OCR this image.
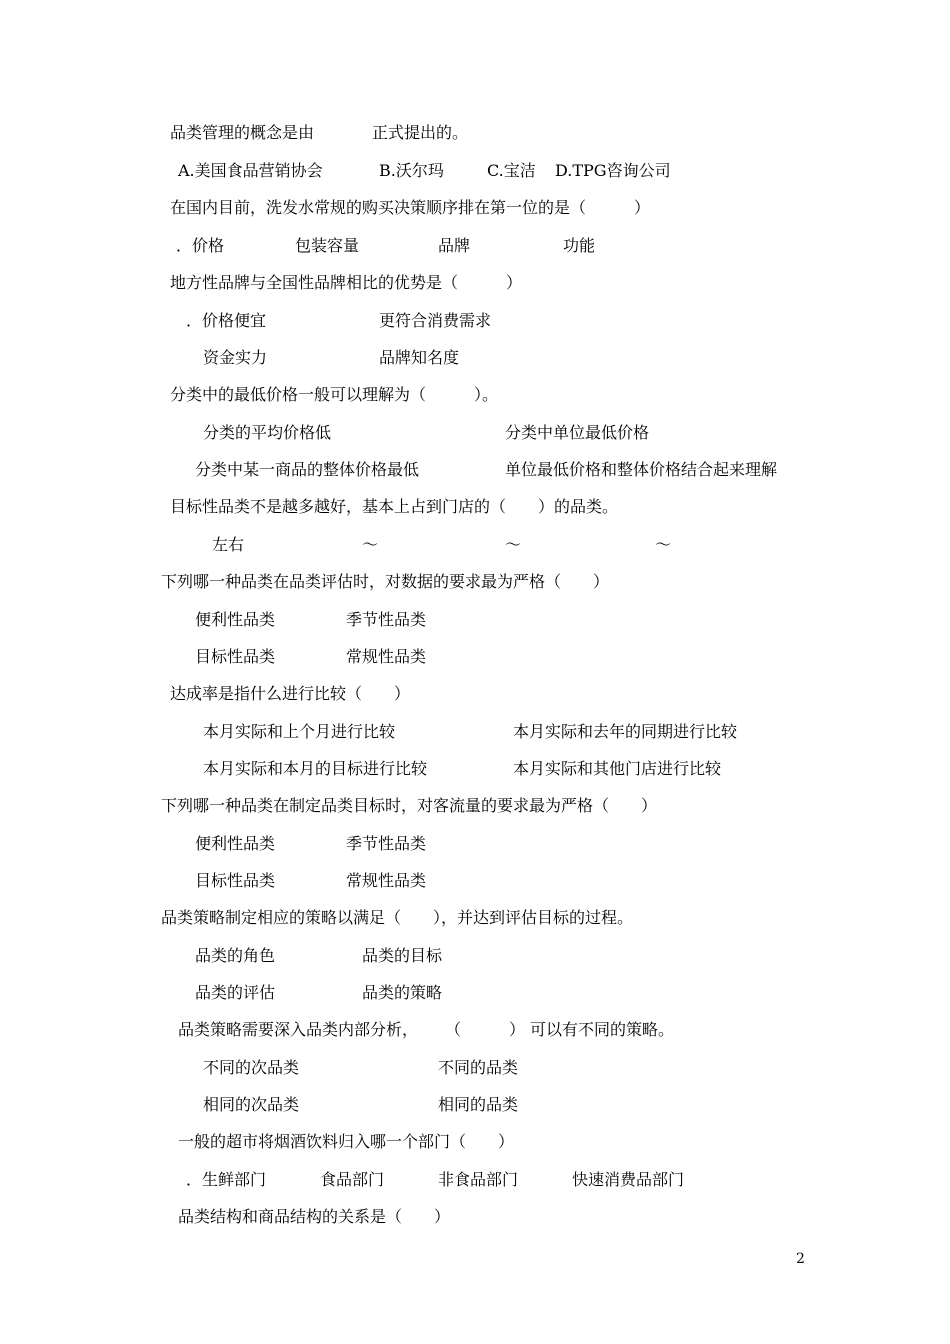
品类管理的概念是由	正式提出的。
A.美国食品营销协会	B.沃尔玛	C.宝洁 D.TPG咨询公司
在国内目前，洗发水常规的购买决策顺序排在第一位的是（　　　）
．价格	包装容量	品牌	功能
地方性品牌与全国性品牌相比的优势是（　　　）
．价格便宜	更符合消费需求
资金实力	品牌知名度
分类中的最低价格一般可以理解为（　　　）。
分类的平均价格低	分类中单位最低价格
分类中某一商品的整体价格最低	单位最低价格和整体价格结合起来理解
目标性品类不是越多越好，基本上占到门店的（　　）的品类。
左右	～	～	～
下列哪一种品类在品类评估时，对数据的要求最为严格（　　）
便利性品类	季节性品类
目标性品类	常规性品类
达成率是指什么进行比较（　　）
本月实际和上个月进行比较	本月实际和去年的同期进行比较
本月实际和本月的目标进行比较	本月实际和其他门店进行比较
下列哪一种品类在制定品类目标时，对客流量的要求最为严格（　　）
便利性品类	季节性品类
目标性品类	常规性品类
品类策略制定相应的策略以满足（　　），并达到评估目标的过程。
品类的角色	品类的目标
品类的评估	品类的策略
品类策略需要深入品类内部分析， （　　　） 可以有不同的策略。
不同的次品类	不同的品类
相同的次品类	相同的品类
一般的超市将烟酒饮料归入哪一个部门（　　）
．生鲜部门	食品部门	非食品部门	快速消费品部门
品类结构和商品结构的关系是（　　）
2
